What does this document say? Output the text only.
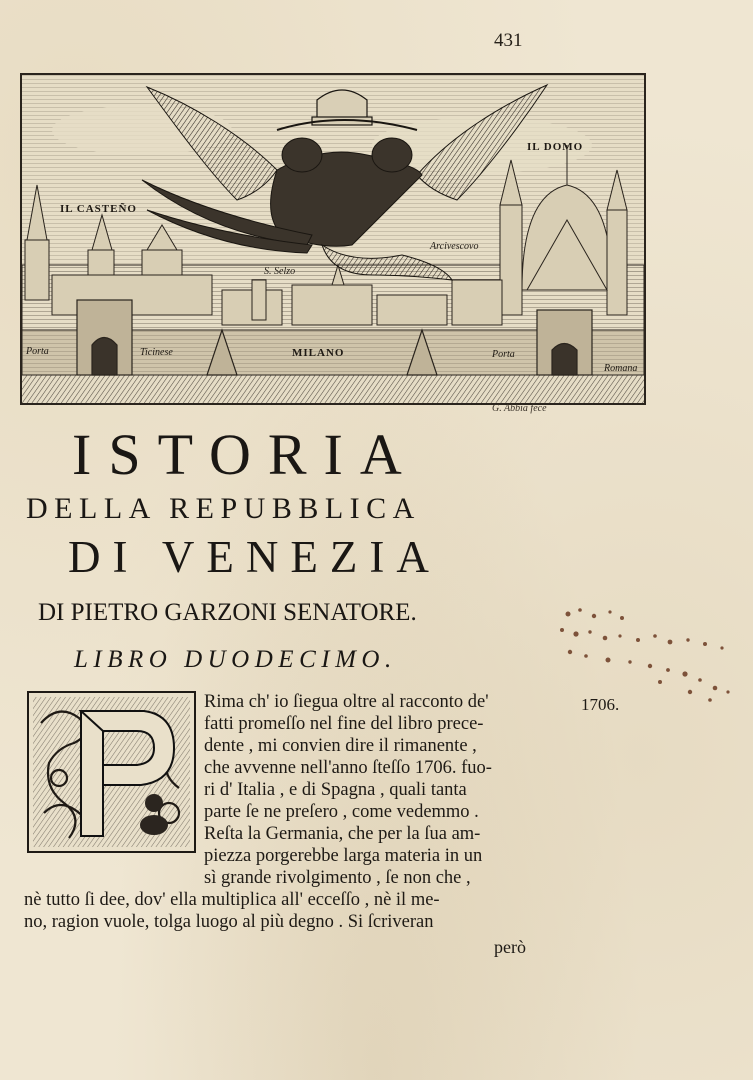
431
IL CASTEÑO
IL DOMO
Arcivescovo
S. Selzo
Porta	Ticinese	MILANO	Porta
Romana
G. Abbia fece
ISTORIA
DELLA REPUBBLICA
DI VENEZIA
DI PIETRO GARZONI SENATORE.
LIBRO DUODECIMO.
Rima ch' io ſiegua oltre al racconto de'
fatti promeſſo nel fine del libro prece-
dente , mi convien dire il rimanente ,
che avvenne nell'anno ſteſſo 1706. fuo-
ri d' Italia , e di Spagna , quali tanta
parte ſe ne preſero , come vedemmo .
Reſta la Germania, che per la ſua am-
piezza porgerebbe larga materia in un
sì grande rivolgimento , ſe non che ,
nè tutto ſi dee, dov' ella multiplica all' ecceſſo , nè il me-
no, ragion vuole, tolga luogo al più degno . Si ſcriveran
1706.
però
